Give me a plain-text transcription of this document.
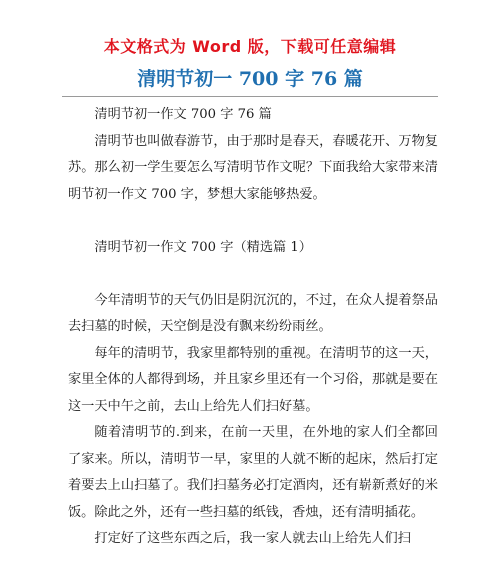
本文格式为 Word 版，下载可任意编辑
清明节初一 700 字 76 篇

清明节初一作文 700 字 76 篇

清明节也叫做春游节，由于那时是春天，春暖花开、万物复苏。那么初一学生要怎么写清明节作文呢？下面我给大家带来清明节初一作文 700 字，梦想大家能够热爱。

清明节初一作文 700 字（精选篇 1）

今年清明节的天气仍旧是阴沉沉的，不过，在众人提着祭品去扫墓的时候，天空倒是没有飘来纷纷雨丝。

每年的清明节，我家里都特别的重视。在清明节的这一天，家里全体的人都得到场，并且家乡里还有一个习俗，那就是要在这一天中午之前，去山上给先人们扫好墓。

随着清明节的.到来，在前一天里，在外地的家人们全都回了家来。所以，清明节一早，家里的人就不断的起床，然后打定着要去上山扫墓了。我们扫墓务必打定酒肉，还有崭新煮好的米饭。除此之外，还有一些扫墓的纸钱，香烛，还有清明插花。

打定好了这些东西之后，我一家人就去山上给先人们扫
